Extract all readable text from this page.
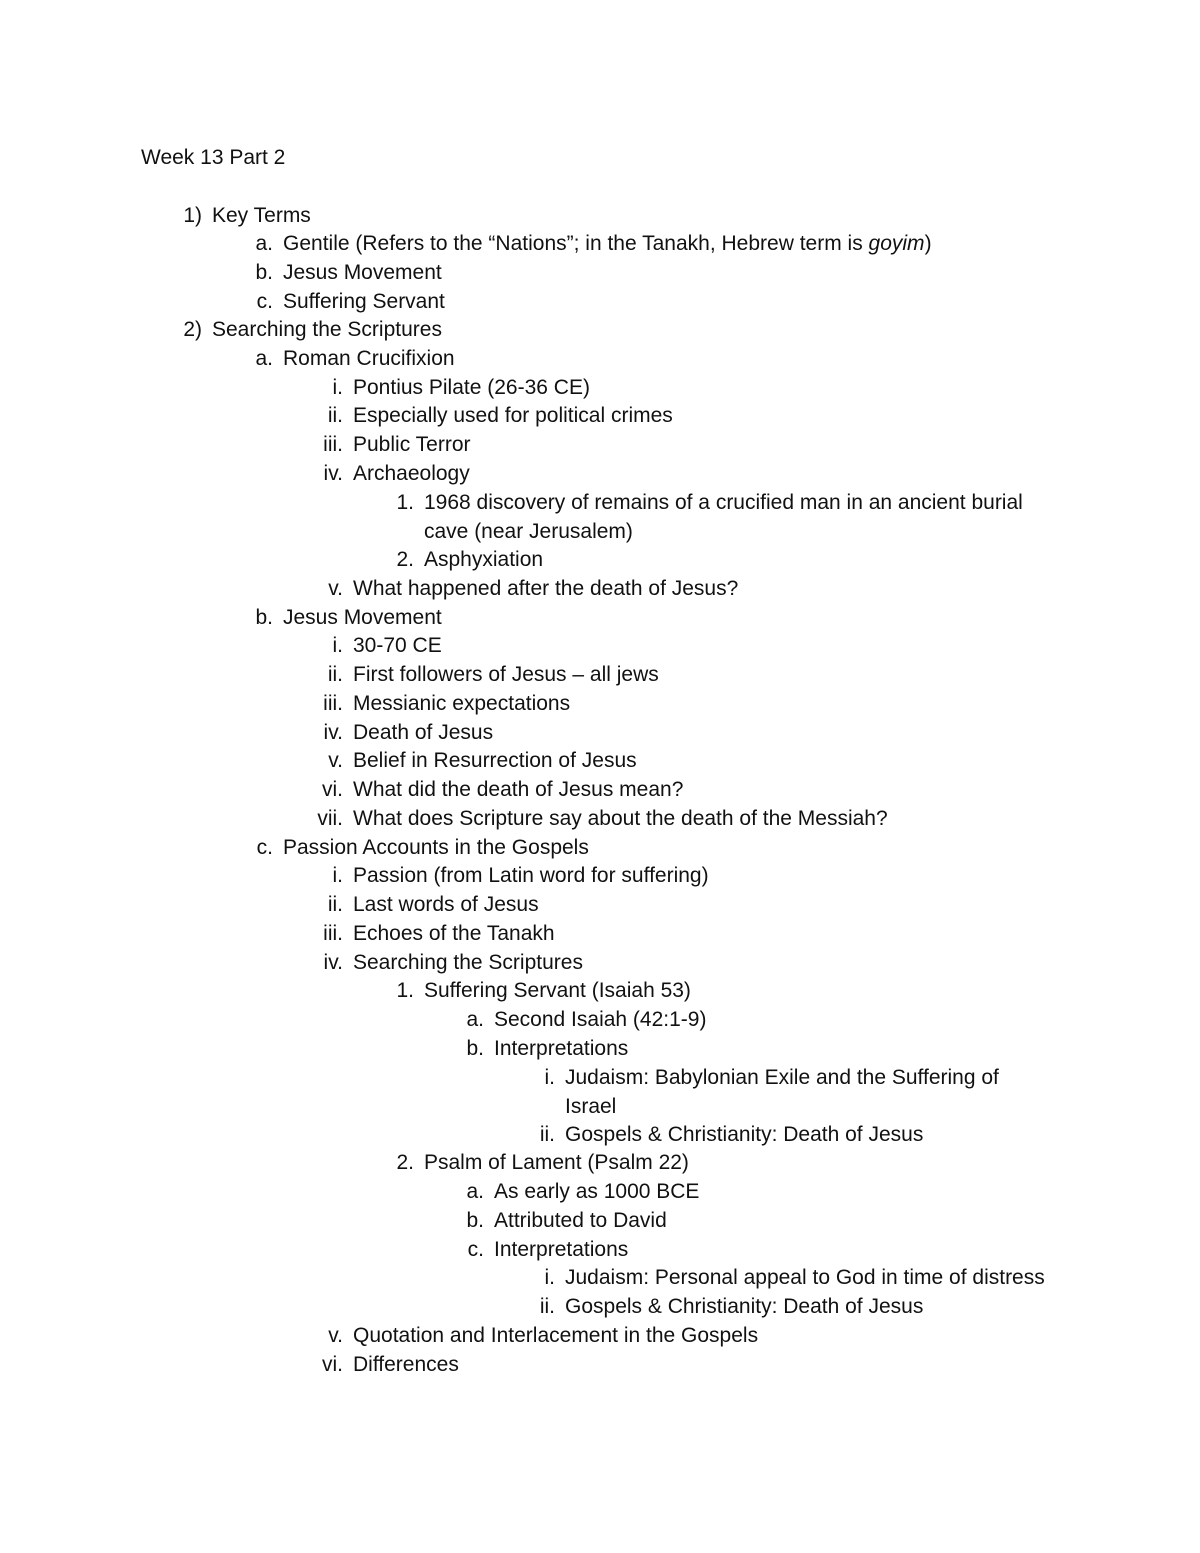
Week 13 Part 2
1) Key Terms
a. Gentile (Refers to the “Nations”; in the Tanakh, Hebrew term is goyim)
b. Jesus Movement
c. Suffering Servant
2) Searching the Scriptures
a. Roman Crucifixion
i. Pontius Pilate (26-36 CE)
ii. Especially used for political crimes
iii. Public Terror
iv. Archaeology
1. 1968 discovery of remains of a crucified man in an ancient burial
cave (near Jerusalem)
2. Asphyxiation
v. What happened after the death of Jesus?
b. Jesus Movement
i. 30-70 CE
ii. First followers of Jesus – all jews
iii. Messianic expectations
iv. Death of Jesus
v. Belief in Resurrection of Jesus
vi. What did the death of Jesus mean?
vii. What does Scripture say about the death of the Messiah?
c. Passion Accounts in the Gospels
i. Passion (from Latin word for suffering)
ii. Last words of Jesus
iii. Echoes of the Tanakh
iv. Searching the Scriptures
1. Suffering Servant (Isaiah 53)
a. Second Isaiah (42:1-9)
b. Interpretations
i. Judaism: Babylonian Exile and the Suffering of
Israel
ii. Gospels & Christianity: Death of Jesus
2. Psalm of Lament (Psalm 22)
a. As early as 1000 BCE
b. Attributed to David
c. Interpretations
i. Judaism: Personal appeal to God in time of distress
ii. Gospels & Christianity: Death of Jesus
v. Quotation and Interlacement in the Gospels
vi. Differences
